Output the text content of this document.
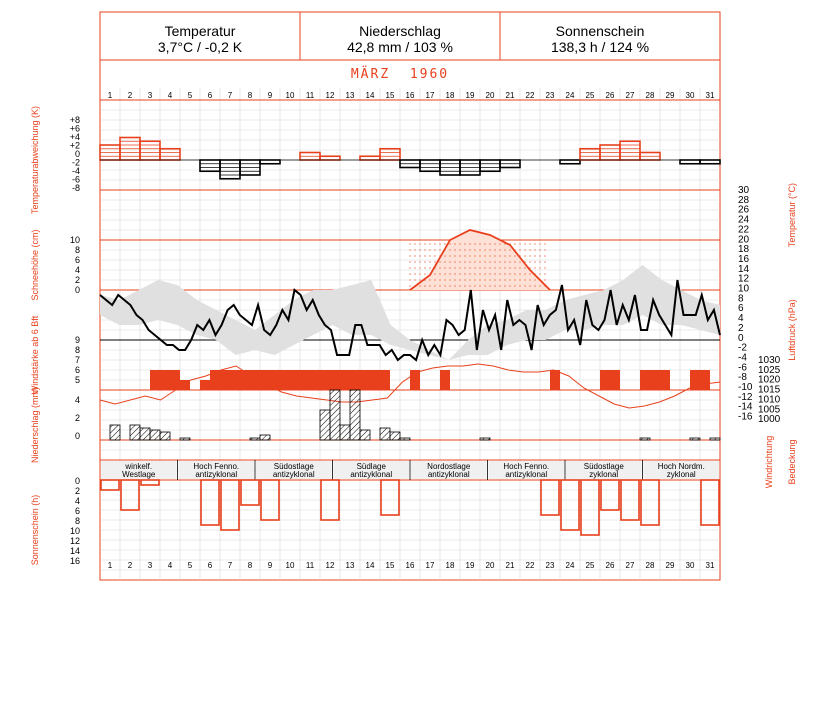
Temperatur
3,7°C / -0,2 K
Niederschlag
42,8 mm / 103 %
Sonnenschein
138,3 h / 124 %
MÄRZ  1960
1 2 3 4 5 6 7 8 9 10 11 12 13 14 15 16 17 18 19 20 21 22 23 24 25 26 27 28 29 30 31
1 2 3 4 5 6 7 8 9 10 11 12 13 14 15 16 17 18 19 20 21 22 23 24 25 26 27 28 29 30 31
winkelf.
Westlage
Hoch Fenno.
antizyklonal
Südostlage
antizyklonal
Südlage
antizyklonal
Nordostlage
antizyklonal
Hoch Fenno.
antizyklonal
Südostlage
zyklonal
Hoch Nordm.
zyklonal
+8
+6
+4
+2
0
-2
-4
-6
-8
10
8
6
4
2
0
9
8
7
6
5
4
2
0
0
2
4
6
8
10
12
14
16
30
28
26
24
22
20
18
16
14
12
10
8
6
4
2
0
-2
-4
-6
-8
-10
-12
-14
-16
1030
1025
1020
1015
1010
1005
1000
Temperaturabweichung (K)
Schneehöhe (cm)
Windstärke ab 6 Bft
Niederschlag (mm)
Sonnenschein (h)
Temperatur (°C)
Luftdruck (hPa)
Windrichtung Bedeckung
